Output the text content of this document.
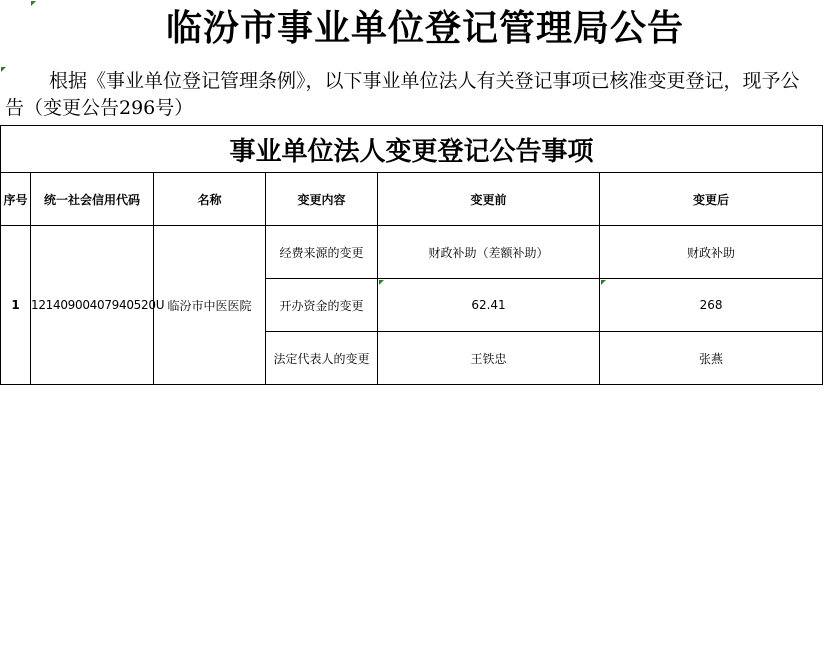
临汾市事业单位登记管理局公告
根据《事业单位登记管理条例》，以下事业单位法人有关登记事项已核准变更登记，现予公告（变更公告296号）
事业单位法人变更登记公告事项					
序号	统一社会信用代码	名称	变更内容	变更前	变更后
1	12140900407940520U	临汾市中医医院	经费来源的变更	财政补助（差额补助）	财政补助
			开办资金的变更	62.41	268
			法定代表人的变更	王铁忠	张燕
